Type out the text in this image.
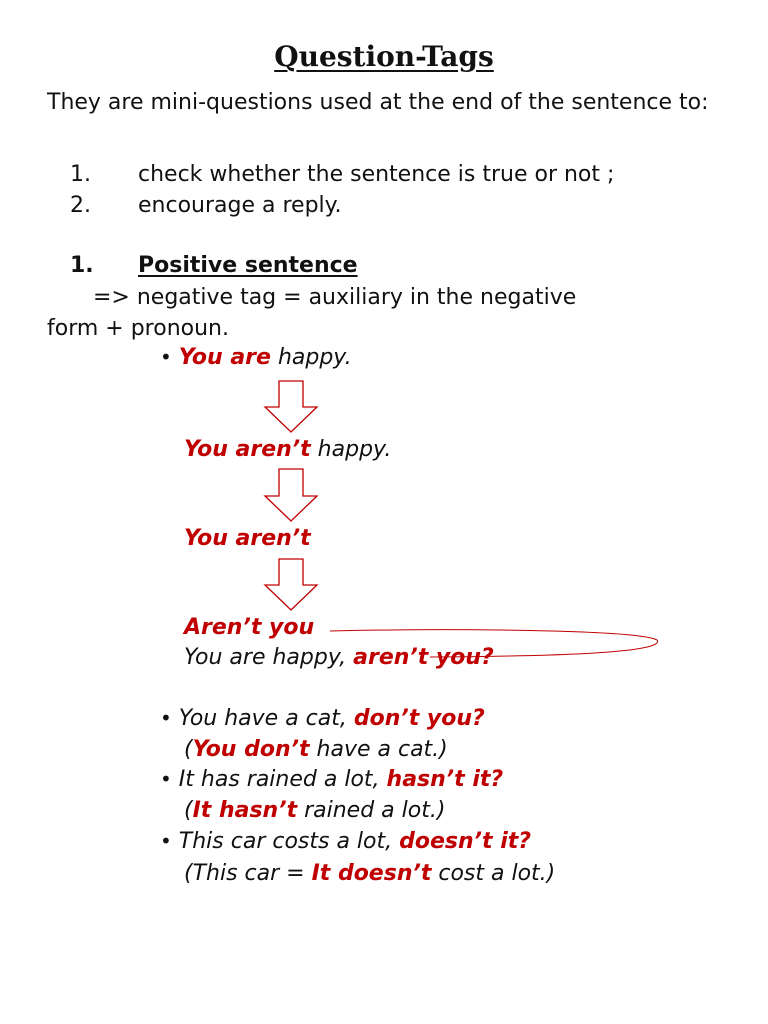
Question-Tags
They are mini-questions used at the end of the sentence to:
1. check whether the sentence is true or not ;
2. encourage a reply.
1. Positive sentence
=> negative tag = auxiliary in the negative
form + pronoun.
• You are happy.
You aren’t happy.
You aren’t
Aren’t you
You are happy, aren’t you?
• You have a cat, don’t you?
(You don’t have a cat.)
• It has rained a lot, hasn’t it?
(It hasn’t rained a lot.)
• This car costs a lot, doesn’t it?
(This car = It doesn’t cost a lot.)
